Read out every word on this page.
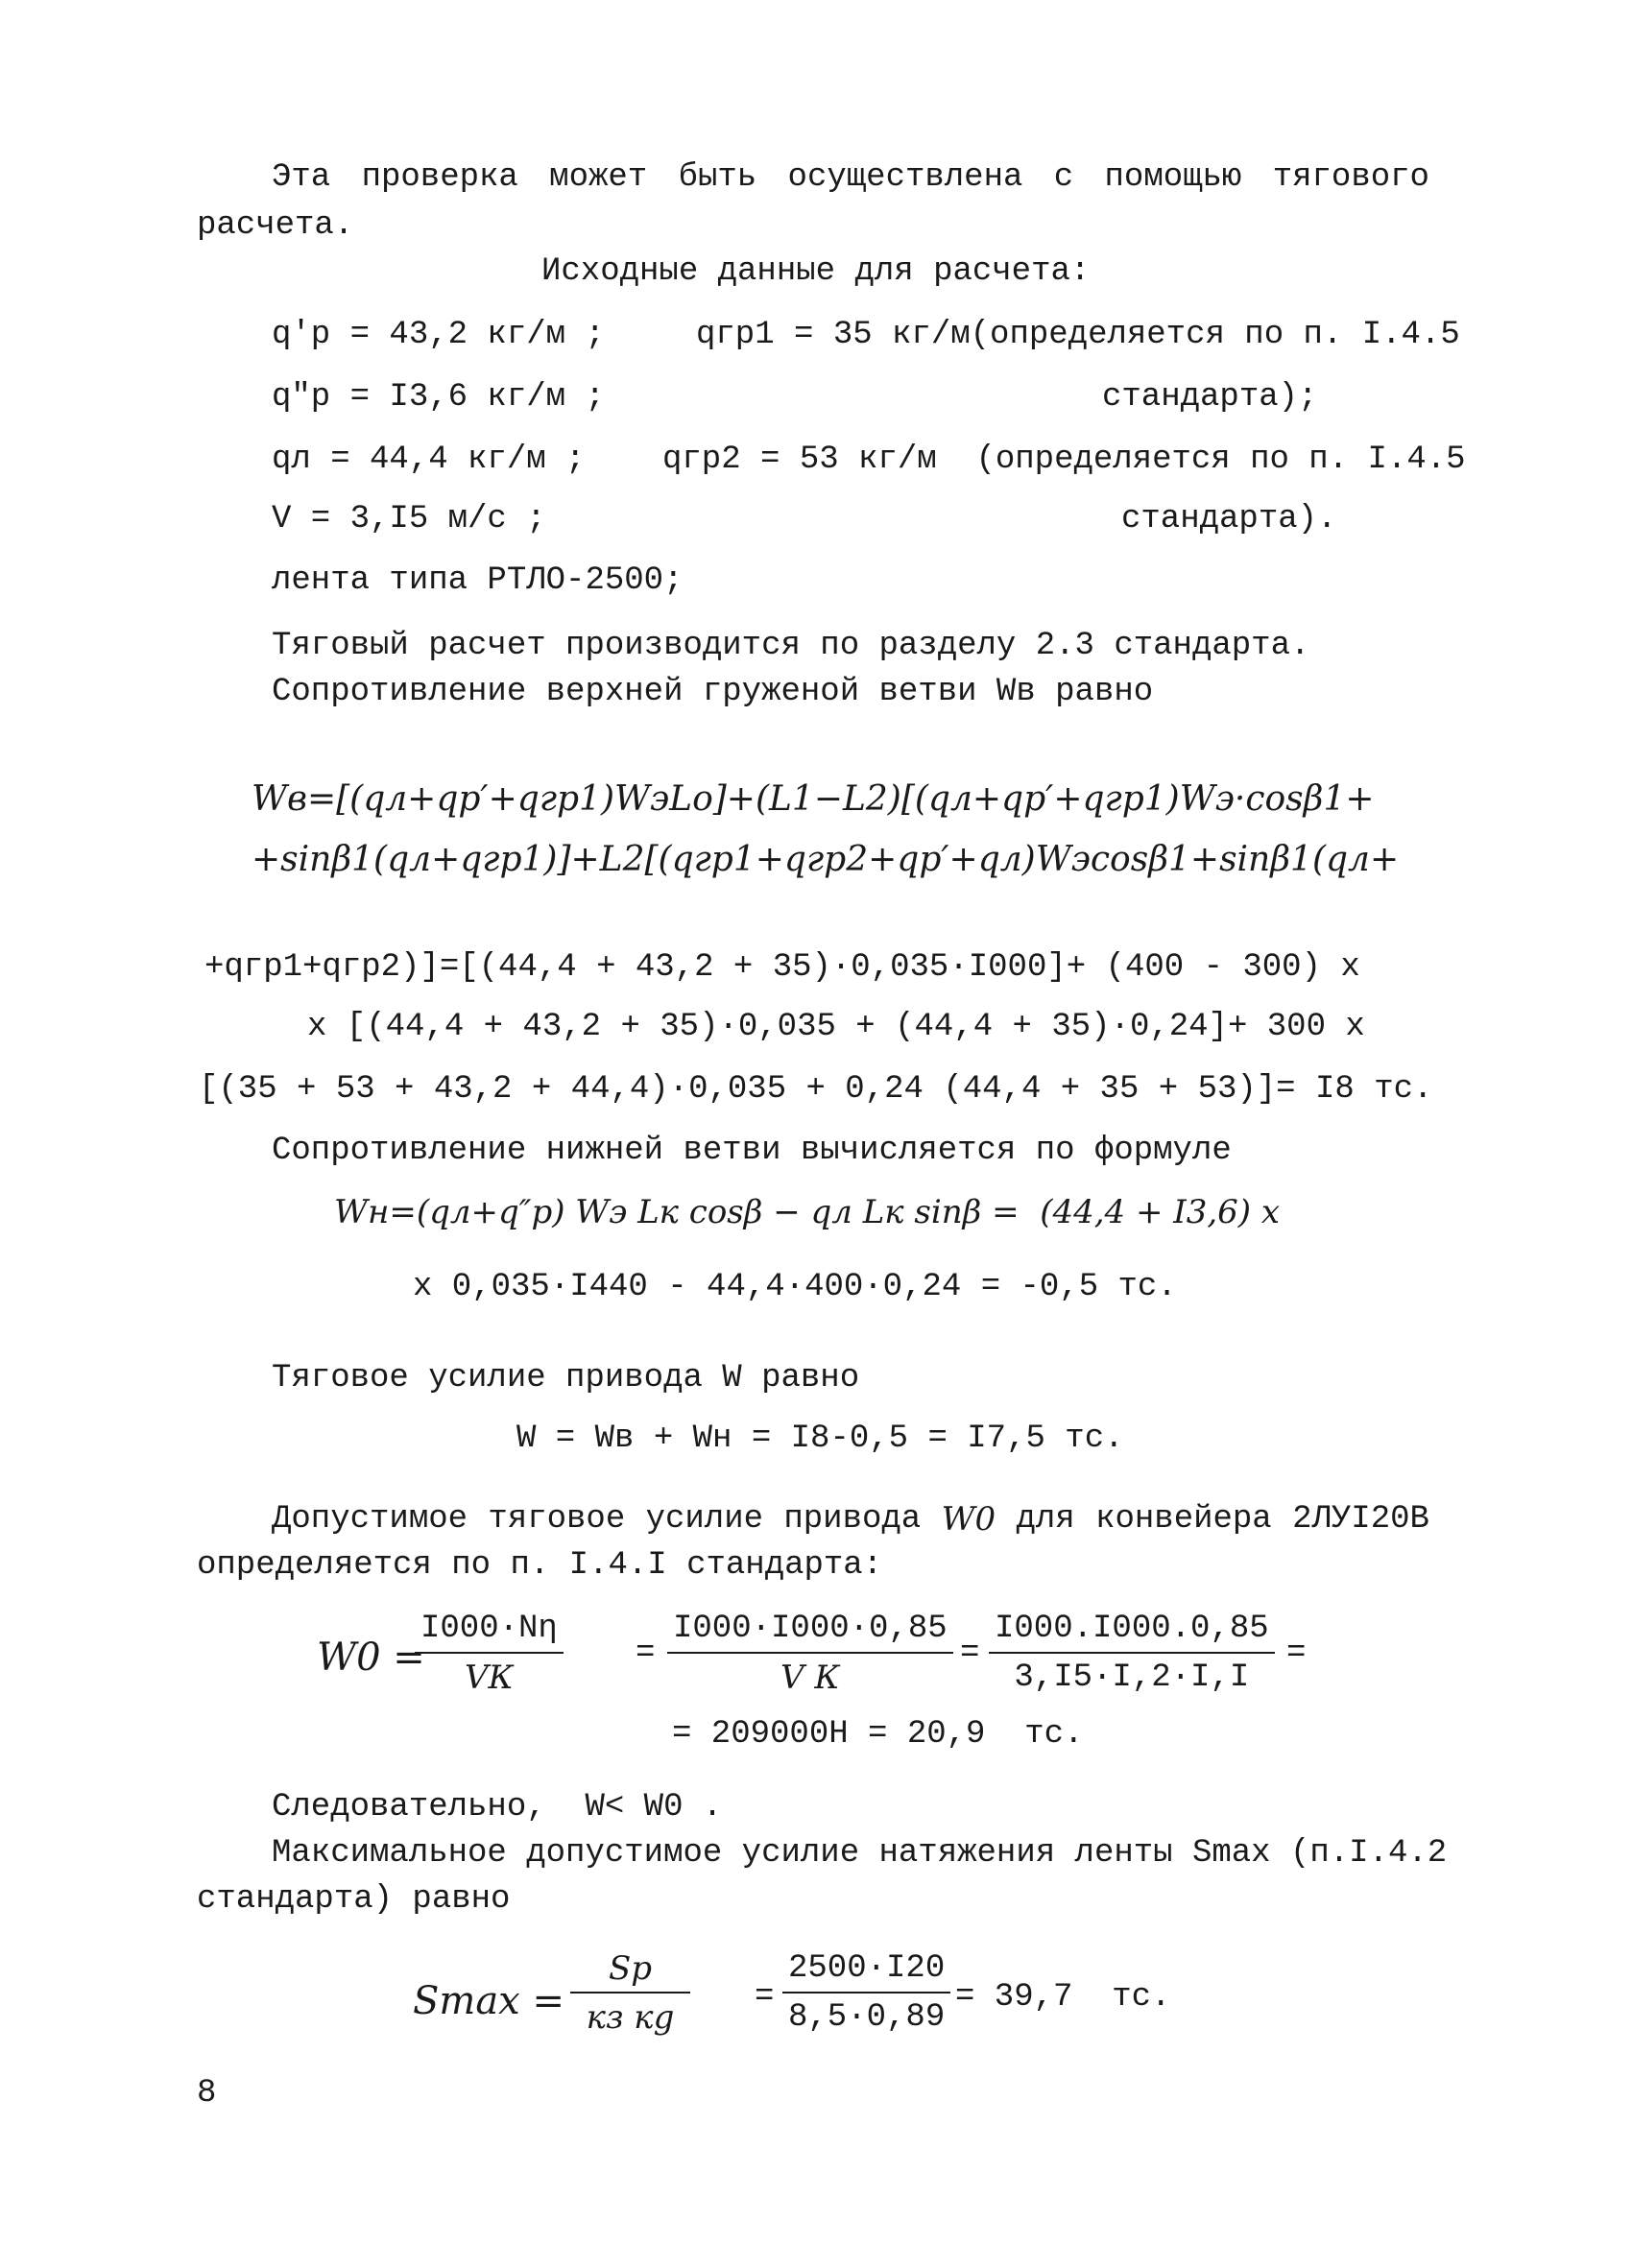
Эта проверка может быть осуществлена с помощью тягового
расчета.
Исходные данные для расчета:
q′p = 43,2 кг/м ;	qгр1 = 35 кг/м(определяется по п. I.4.5
стандарта);
q″p = I3,6 кг/м ;
qл = 44,4 кг/м ; qгр2 = 53 кг/м  (определяется по п. I.4.5
V = 3,I5 м/с ;	стандарта).
лента типа РТЛО-2500;
Тяговый расчет производится по разделу 2.3 стандарта.
Сопротивление верхней груженой ветви Wв равно
Wв=[(qл+qр′+qгр1)WэLо]+(L1−L2)[(qл+qр′+qгр1)Wэ·cosβ1+
+sinβ1(qл+qгр1)]+L2[(qгр1+qгр2+qр′+qл)Wэcosβ1+sinβ1(qл+
+qгр1+qгр2)]=[(44,4 + 43,2 + 35)·0,035·I000]+ (400 - 300) x
x [(44,4 + 43,2 + 35)·0,035 + (44,4 + 35)·0,24]+ 300 x
[(35 + 53 + 43,2 + 44,4)·0,035 + 0,24 (44,4 + 35 + 53)]= I8 тс.
Сопротивление нижней ветви вычисляется по формуле
Wн=(qл+q″р) Wэ Lк cosβ − qл Lк sinβ =  (44,4 + I3,6) x
x 0,035·I440 - 44,4·400·0,24 = -0,5 тс.
Тяговое усилие привода W равно
W = Wв + Wн = I8-0,5 = I7,5 тс.
Допустимое тяговое усилие привода W0 для конвейера 2ЛУI20В
определяется по п. I.4.I стандарта:
W0 =
I000·Nη
VК
=
I000·I000·0,85
V К
= $\frac{I000.I000.0,85}{3,I5\cdot I,2\cdot I,I}$ =
= 209000Н = 20,9  тс.
Следовательно,  W< W0 .
Максимальное допустимое усилие натяжения ленты Smax (п.I.4.2
стандарта) равно
Smax =
Sр
кз кg
= $\frac{2500\cdot I20}{8,5\cdot 0,89} = 39,7$  тс.
8
